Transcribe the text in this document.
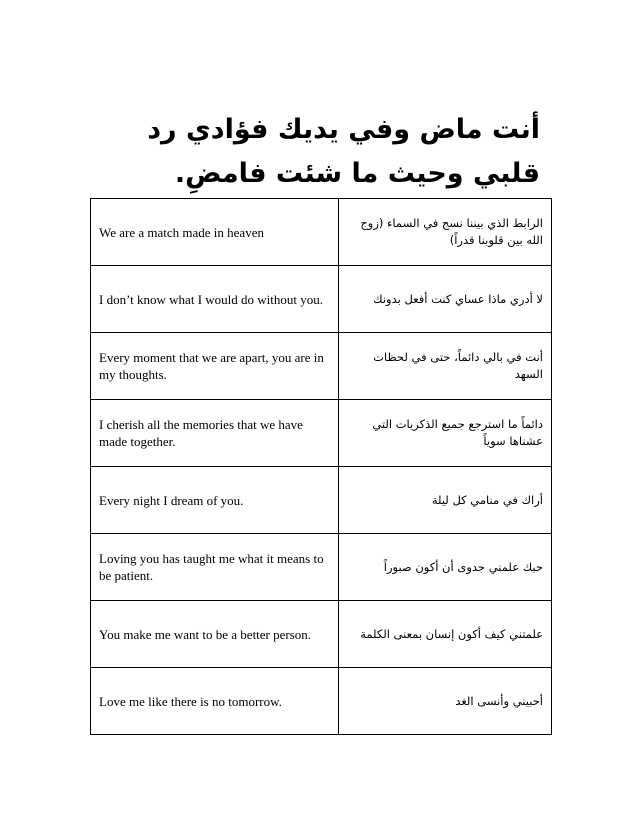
أنت ماض وفي يديك فؤادي رد قلبي وحيث ما شئت فامضِ.
We are a match made in heaven	الرابط الذي بيننا نسج في السماء (زوج الله بين قلوبنا قدراً)
I don’t know what I would do without you.	لا أدري ماذا عساي كنت أفعل بدونك
Every moment that we are apart, you are in my thoughts.	أنت في بالي دائماً، حتى في لحظات السهد
I cherish all the memories that we have made together.	دائماً ما استرجع جميع الذكريات التي عشناها سوياً
Every night I dream of you.	أراك في منامي كل ليلة
Loving you has taught me what it means to be patient.	حبك علمني جدوى أن أكون صبوراً
You make me want to be a better person.	علمتني كيف أكون إنسان بمعنى الكلمة
Love me like there is no tomorrow.	أحبيني وأنسى الغد
